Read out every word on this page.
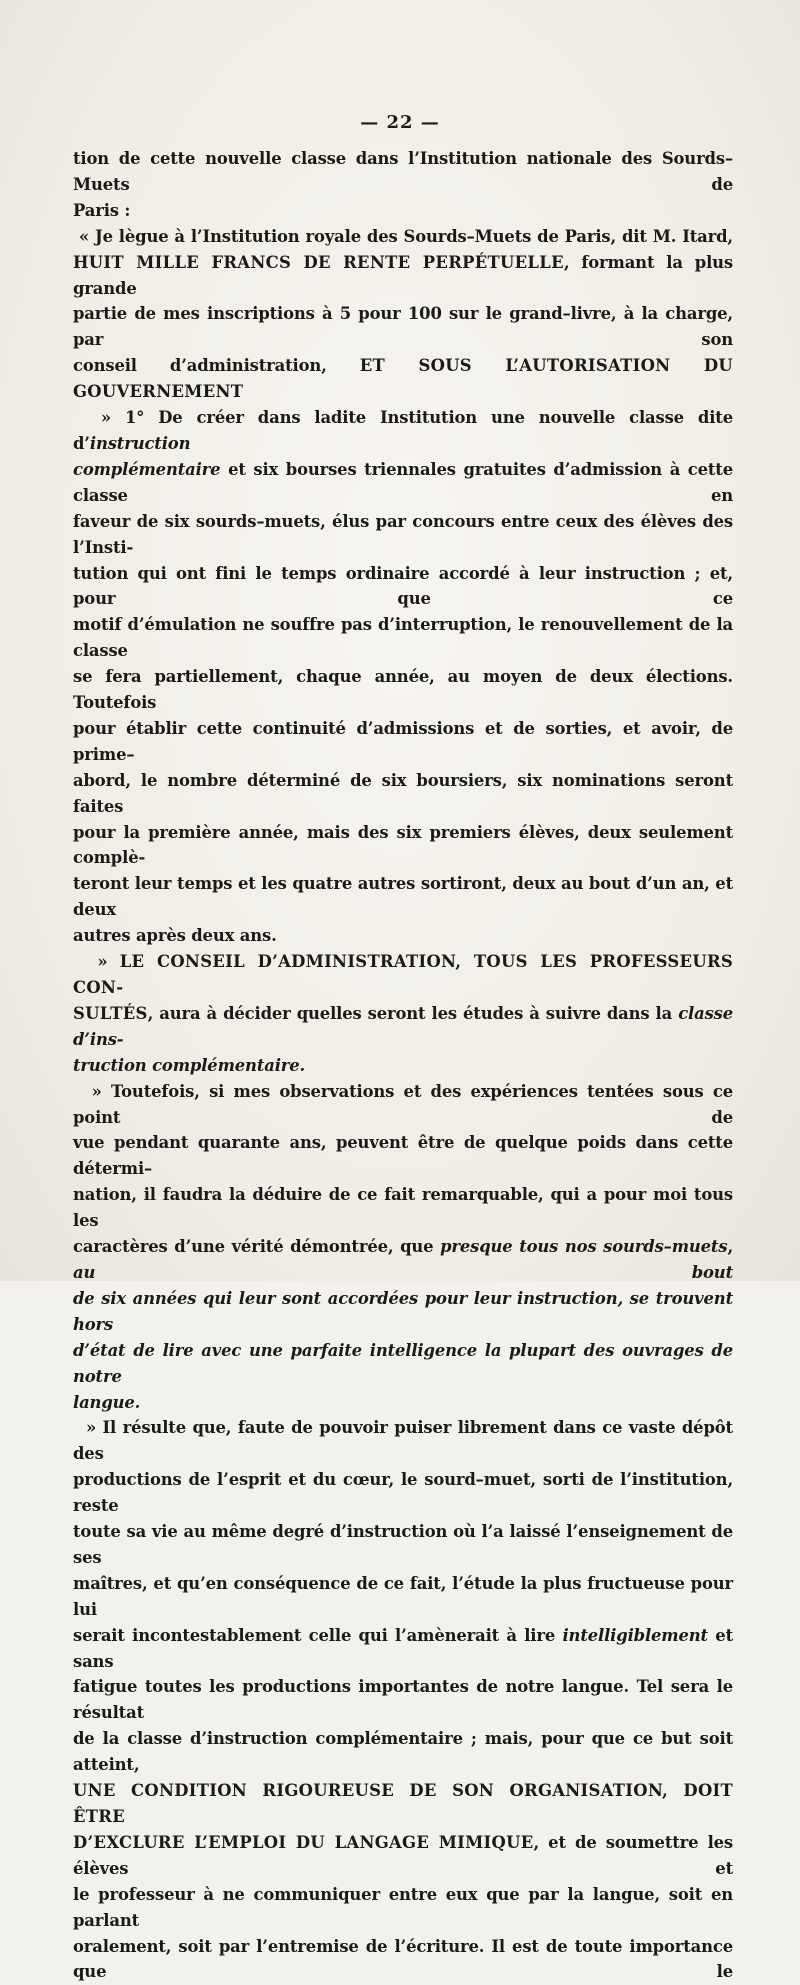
— 22 —

tion de cette nouvelle classe dans l’Institution nationale des Sourds–Muets de

Paris :

« Je lègue à l’Institution royale des Sourds–Muets de Paris, dit M. Itard,

HUIT MILLE FRANCS DE RENTE PERPÉTUELLE, formant la plus grande

partie de mes inscriptions à 5 pour 100 sur le grand–livre, à la charge, par son

conseil d’administration, ET SOUS L’AUTORISATION DU GOUVERNEMENT

» 1° De créer dans ladite Institution une nouvelle classe dite d’instruction

complémentaire et six bourses triennales gratuites d’admission à cette classe en

faveur de six sourds–muets, élus par concours entre ceux des élèves des l’Insti-

tution qui ont fini le temps ordinaire accordé à leur instruction ; et, pour que ce

motif d’émulation ne souffre pas d’interruption, le renouvellement de la classe

se fera partiellement, chaque année, au moyen de deux élections. Toutefois

pour établir cette continuité d’admissions et de sorties, et avoir, de prime–

abord, le nombre déterminé de six boursiers, six nominations seront faites

pour la première année, mais des six premiers élèves, deux seulement complè-

teront leur temps et les quatre autres sortiront, deux au bout d’un an, et deux

autres après deux ans.

» LE CONSEIL D’ADMINISTRATION, TOUS LES PROFESSEURS CON-

SULTÉS, aura à décider quelles seront les études à suivre dans la classe d’ins-

truction complémentaire.

» Toutefois, si mes observations et des expériences tentées sous ce point de

vue pendant quarante ans, peuvent être de quelque poids dans cette détermi–

nation, il faudra la déduire de ce fait remarquable, qui a pour moi tous les

caractères d’une vérité démontrée, que presque tous nos sourds–muets, au bout

de six années qui leur sont accordées pour leur instruction, se trouvent hors

d’état de lire avec une parfaite intelligence la plupart des ouvrages de notre

langue.

» Il résulte que, faute de pouvoir puiser librement dans ce vaste dépôt des

productions de l’esprit et du cœur, le sourd–muet, sorti de l’institution, reste

toute sa vie au même degré d’instruction où l’a laissé l’enseignement de ses

maîtres, et qu’en conséquence de ce fait, l’étude la plus fructueuse pour lui

serait incontestablement celle qui l’amènerait à lire intelligiblement et sans

fatigue toutes les productions importantes de notre langue. Tel sera le résultat

de la classe d’instruction complémentaire ; mais, pour que ce but soit atteint,

UNE CONDITION RIGOUREUSE DE SON ORGANISATION, DOIT ÊTRE

D’EXCLURE L’EMPLOI DU LANGAGE MIMIQUE, et de soumettre les élèves et

le professeur à ne communiquer entre eux que par la langue, soit en parlant

oralement, soit par l’entremise de l’écriture. Il est de toute importance que le
